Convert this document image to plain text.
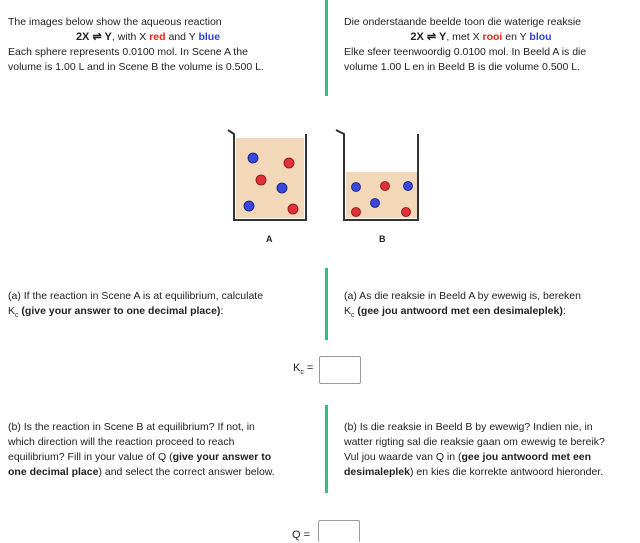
The images below show the aqueous reaction
2X ⇌ Y, with X red and Y blue
Each sphere represents 0.0100 mol. In Scene A the
volume is 1.00 L and in Scene B the volume is 0.500 L.
Die onderstaande beelde toon die waterige reaksie
2X ⇌ Y, met X rooi en Y blou
Elke sfeer teenwoordig 0.0100 mol. In Beeld A is die
volume 1.00 L en in Beeld B is die volume 0.500 L.
A	B
(a) If the reaction in Scene A is at equilibrium, calculate
$K_c$ (give your answer to one decimal place):
(a) As die reaksie in Beeld A by ewewig is, bereken
$K_c$ (gee jou antwoord met een desimaleplek):
$K_c$ =
(b) Is the reaction in Scene B at equilibrium? If not, in
which direction will the reaction proceed to reach
equilibrium? Fill in your value of Q (give your answer to
one decimal place) and select the correct answer below.
(b) Is die reaksie in Beeld B by ewewig? Indien nie, in
watter rigting sal die reaksie gaan om ewewig te bereik?
Vul jou waarde van Q in (gee jou antwoord met een
desimaleplek) en kies die korrekte antwoord hieronder.
Q =
